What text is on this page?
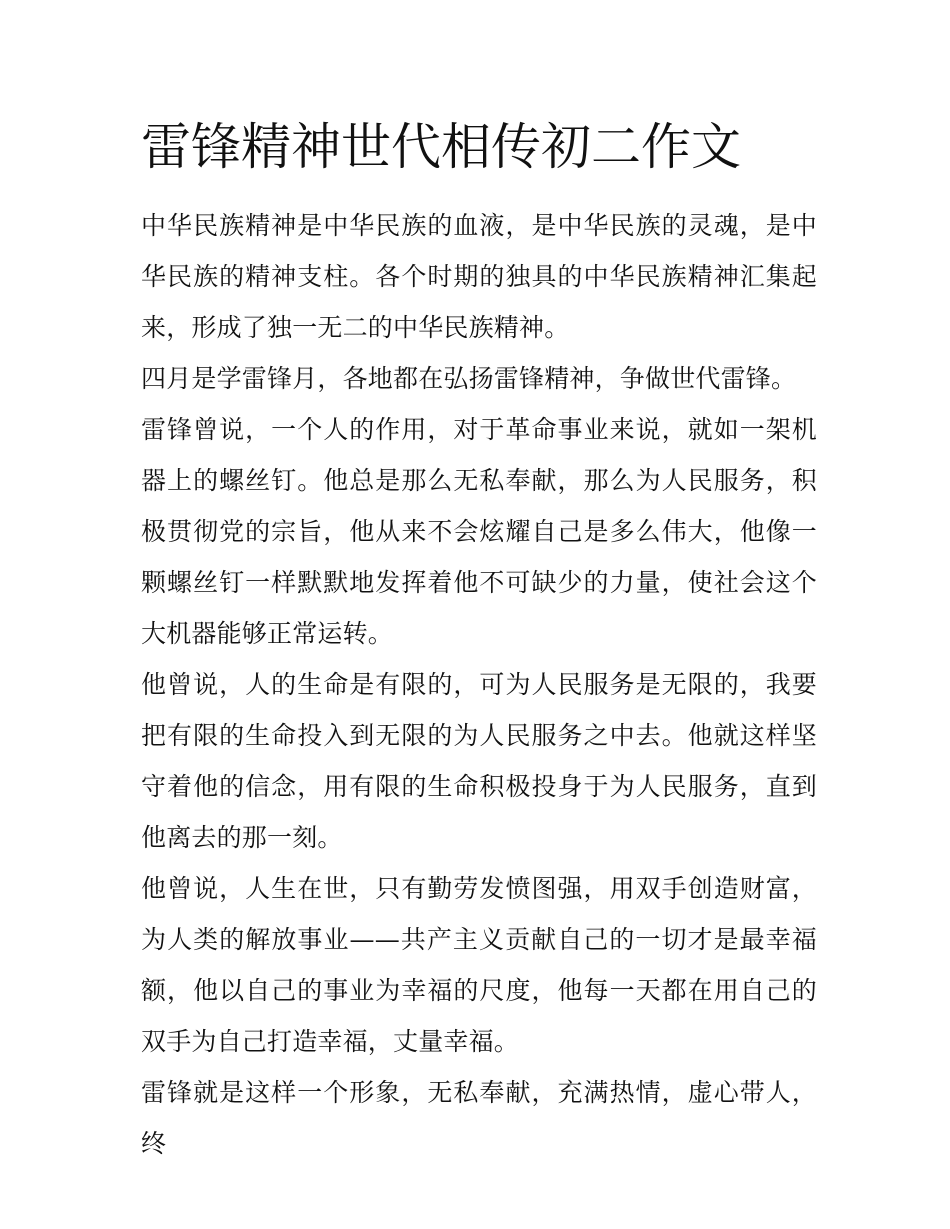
雷锋精神世代相传初二作文

中华民族精神是中华民族的血液，是中华民族的灵魂，是中华民族的精神支柱。各个时期的独具的中华民族精神汇集起来，形成了独一无二的中华民族精神。

四月是学雷锋月，各地都在弘扬雷锋精神，争做世代雷锋。

雷锋曾说，一个人的作用，对于革命事业来说，就如一架机器上的螺丝钉。他总是那么无私奉献，那么为人民服务，积极贯彻党的宗旨，他从来不会炫耀自己是多么伟大，他像一颗螺丝钉一样默默地发挥着他不可缺少的力量，使社会这个大机器能够正常运转。

他曾说，人的生命是有限的，可为人民服务是无限的，我要把有限的生命投入到无限的为人民服务之中去。他就这样坚守着他的信念，用有限的生命积极投身于为人民服务，直到他离去的那一刻。

他曾说，人生在世，只有勤劳发愤图强，用双手创造财富，为人类的解放事业——共产主义贡献自己的一切才是最幸福额，他以自己的事业为幸福的尺度，他每一天都在用自己的双手为自己打造幸福，丈量幸福。

雷锋就是这样一个形象，无私奉献，充满热情，虚心带人，终
